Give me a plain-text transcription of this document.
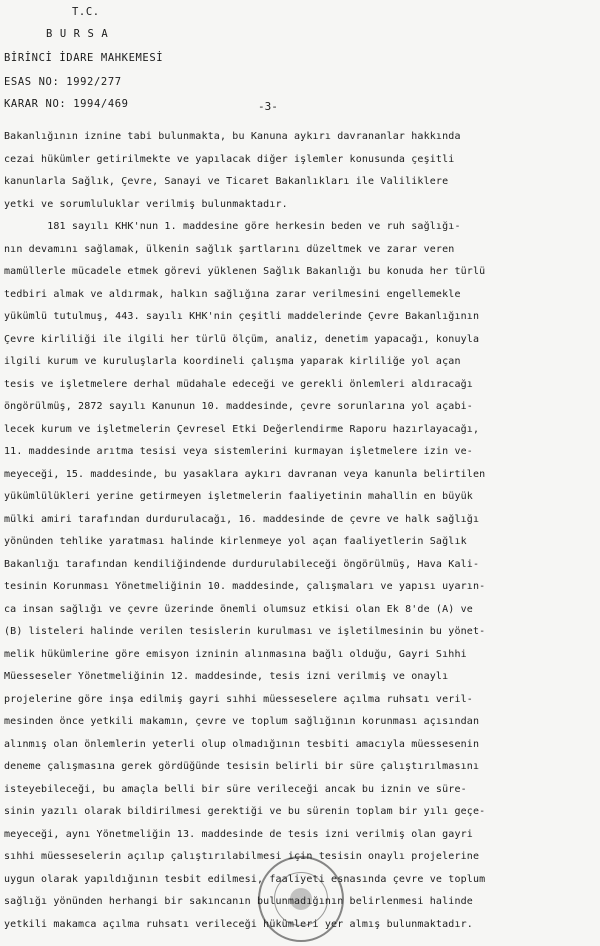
T.C.
B U R S A
BİRİNCİ İDARE MAHKEMESİ
ESAS NO: 1992/277
KARAR NO: 1994/469	-3-
Bakanlığının iznine tabi bulunmakta, bu Kanuna aykırı davrananlar hakkında
cezai hükümler getirilmekte ve yapılacak diğer işlemler konusunda çeşitli
kanunlarla Sağlık, Çevre, Sanayi ve Ticaret Bakanlıkları ile Valiliklere
yetki ve sorumluluklar verilmiş bulunmaktadır.
181 sayılı KHK'nun 1. maddesine göre herkesin beden ve ruh sağlığı-
nın devamını sağlamak, ülkenin sağlık şartlarını düzeltmek ve zarar veren
mamüllerle mücadele etmek görevi yüklenen Sağlık Bakanlığı bu konuda her türlü
tedbiri almak ve aldırmak, halkın sağlığına zarar verilmesini engellemekle
yükümlü tutulmuş, 443. sayılı KHK'nin çeşitli maddelerinde Çevre Bakanlığının
Çevre kirliliği ile ilgili her türlü ölçüm, analiz, denetim yapacağı, konuyla
ilgili kurum ve kuruluşlarla koordineli çalışma yaparak kirliliğe yol açan
tesis ve işletmelere derhal müdahale edeceği ve gerekli önlemleri aldıracağı
öngörülmüş, 2872 sayılı Kanunun 10. maddesinde, çevre sorunlarına yol açabi-
lecek kurum ve işletmelerin Çevresel Etki Değerlendirme Raporu hazırlayacağı,
11. maddesinde arıtma tesisi veya sistemlerini kurmayan işletmelere izin ve-
meyeceği, 15. maddesinde, bu yasaklara aykırı davranan veya kanunla belirtilen
yükümlülükleri yerine getirmeyen işletmelerin faaliyetinin mahallin en büyük
mülki amiri tarafından durdurulacağı, 16. maddesinde de çevre ve halk sağlığı
yönünden tehlike yaratması halinde kirlenmeye yol açan faaliyetlerin Sağlık
Bakanlığı tarafından kendiliğindende durdurulabileceği öngörülmüş, Hava Kali-
tesinin Korunması Yönetmeliğinin 10. maddesinde, çalışmaları ve yapısı uyarın-
ca insan sağlığı ve çevre üzerinde önemli olumsuz etkisi olan Ek 8'de (A) ve
(B) listeleri halinde verilen tesislerin kurulması ve işletilmesinin bu yönet-
melik hükümlerine göre emisyon izninin alınmasına bağlı olduğu, Gayri Sıhhi
Müesseseler Yönetmeliğinin 12. maddesinde, tesis izni verilmiş ve onaylı
projelerine göre inşa edilmiş gayri sıhhi müesseselere açılma ruhsatı veril-
mesinden önce yetkili makamın, çevre ve toplum sağlığının korunması açısından
alınmış olan önlemlerin yeterli olup olmadığının tesbiti amacıyla müessesenin
deneme çalışmasına gerek gördüğünde tesisin belirli bir süre çalıştırılmasını
isteyebileceği, bu amaçla belli bir süre verileceği ancak bu iznin ve süre-
sinin yazılı olarak bildirilmesi gerektiği ve bu sürenin toplam bir yılı geçe-
meyeceği, aynı Yönetmeliğin 13. maddesinde de tesis izni verilmiş olan gayri
sıhhi müesseselerin açılıp çalıştırılabilmesi için tesisin onaylı projelerine
uygun olarak yapıldığının tesbit edilmesi, faaliyeti esnasında çevre ve toplum
sağlığı yönünden herhangi bir sakıncanın bulunmadığının belirlenmesi halinde
yetkili makamca açılma ruhsatı verileceği hükümleri yer almış bulunmaktadır.
